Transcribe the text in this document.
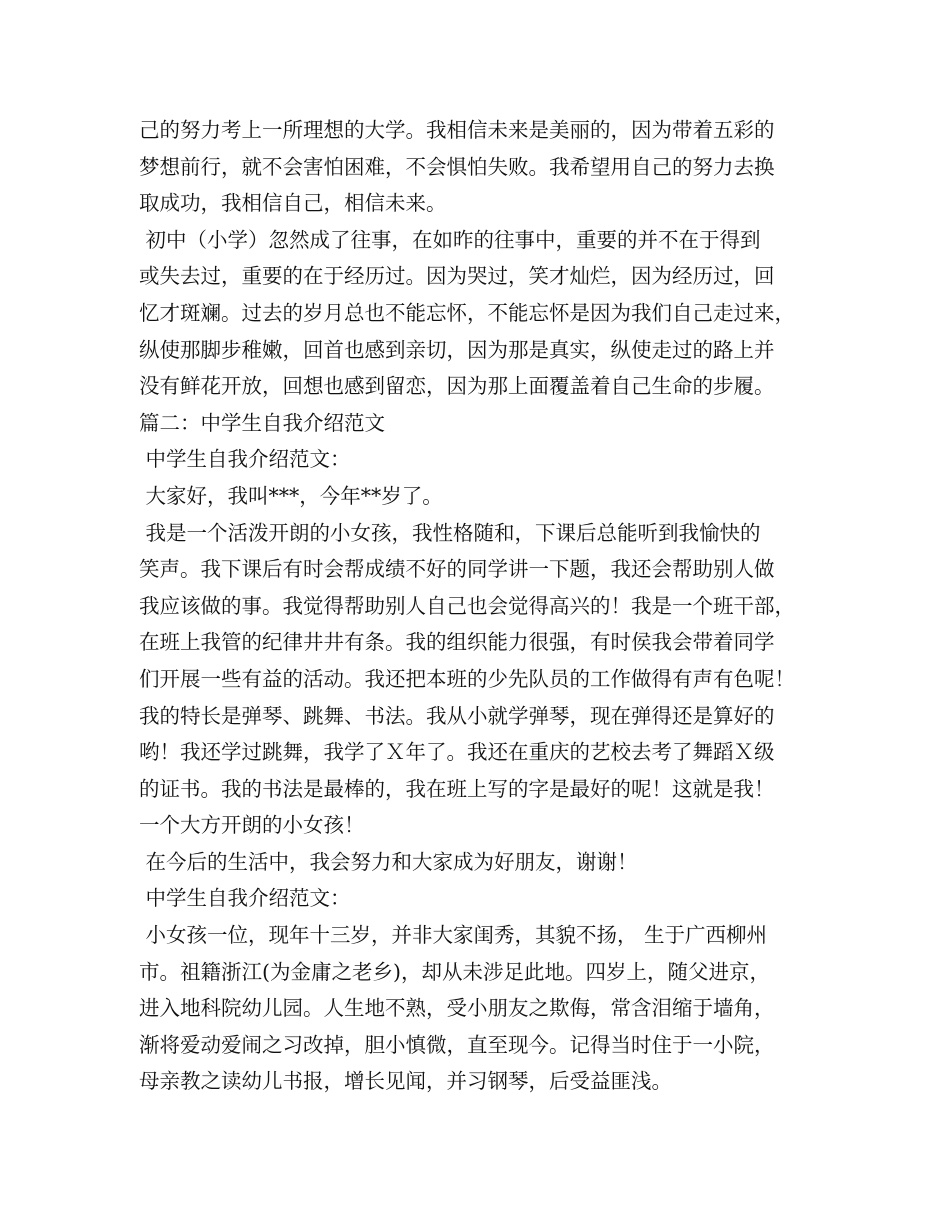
己的努力考上一所理想的大学。我相信未来是美丽的，因为带着五彩的
梦想前行，就不会害怕困难，不会惧怕失败。我希望用自己的努力去换
取成功，我相信自己，相信未来。
初中（小学）忽然成了往事，在如昨的往事中，重要的并不在于得到
或失去过，重要的在于经历过。因为哭过，笑才灿烂，因为经历过，回
忆才斑斓。过去的岁月总也不能忘怀，不能忘怀是因为我们自己走过来，
纵使那脚步稚嫩，回首也感到亲切，因为那是真实，纵使走过的路上并
没有鲜花开放，回想也感到留恋，因为那上面覆盖着自己生命的步履。
篇二：中学生自我介绍范文
中学生自我介绍范文：
大家好，我叫***，今年**岁了。
我是一个活泼开朗的小女孩，我性格随和，下课后总能听到我愉快的
笑声。我下课后有时会帮成绩不好的同学讲一下题，我还会帮助别人做
我应该做的事。我觉得帮助别人自己也会觉得高兴的！我是一个班干部，
在班上我管的纪律井井有条。我的组织能力很强，有时侯我会带着同学
们开展一些有益的活动。我还把本班的少先队员的工作做得有声有色呢！
我的特长是弹琴、跳舞、书法。我从小就学弹琴，现在弹得还是算好的
哟！我还学过跳舞，我学了Ｘ年了。我还在重庆的艺校去考了舞蹈Ｘ级
的证书。我的书法是最棒的，我在班上写的字是最好的呢！这就是我！
一个大方开朗的小女孩！
在今后的生活中，我会努力和大家成为好朋友，谢谢！
中学生自我介绍范文：
小女孩一位，现年十三岁，并非大家闺秀，其貌不扬， 生于广西柳州
市。祖籍浙江(为金庸之老乡)，却从未涉足此地。四岁上，随父进京，
进入地科院幼儿园。人生地不熟，受小朋友之欺侮，常含泪缩于墙角，
渐将爱动爱闹之习改掉，胆小慎微，直至现今。记得当时住于一小院，
母亲教之读幼儿书报，增长见闻，并习钢琴，后受益匪浅。
